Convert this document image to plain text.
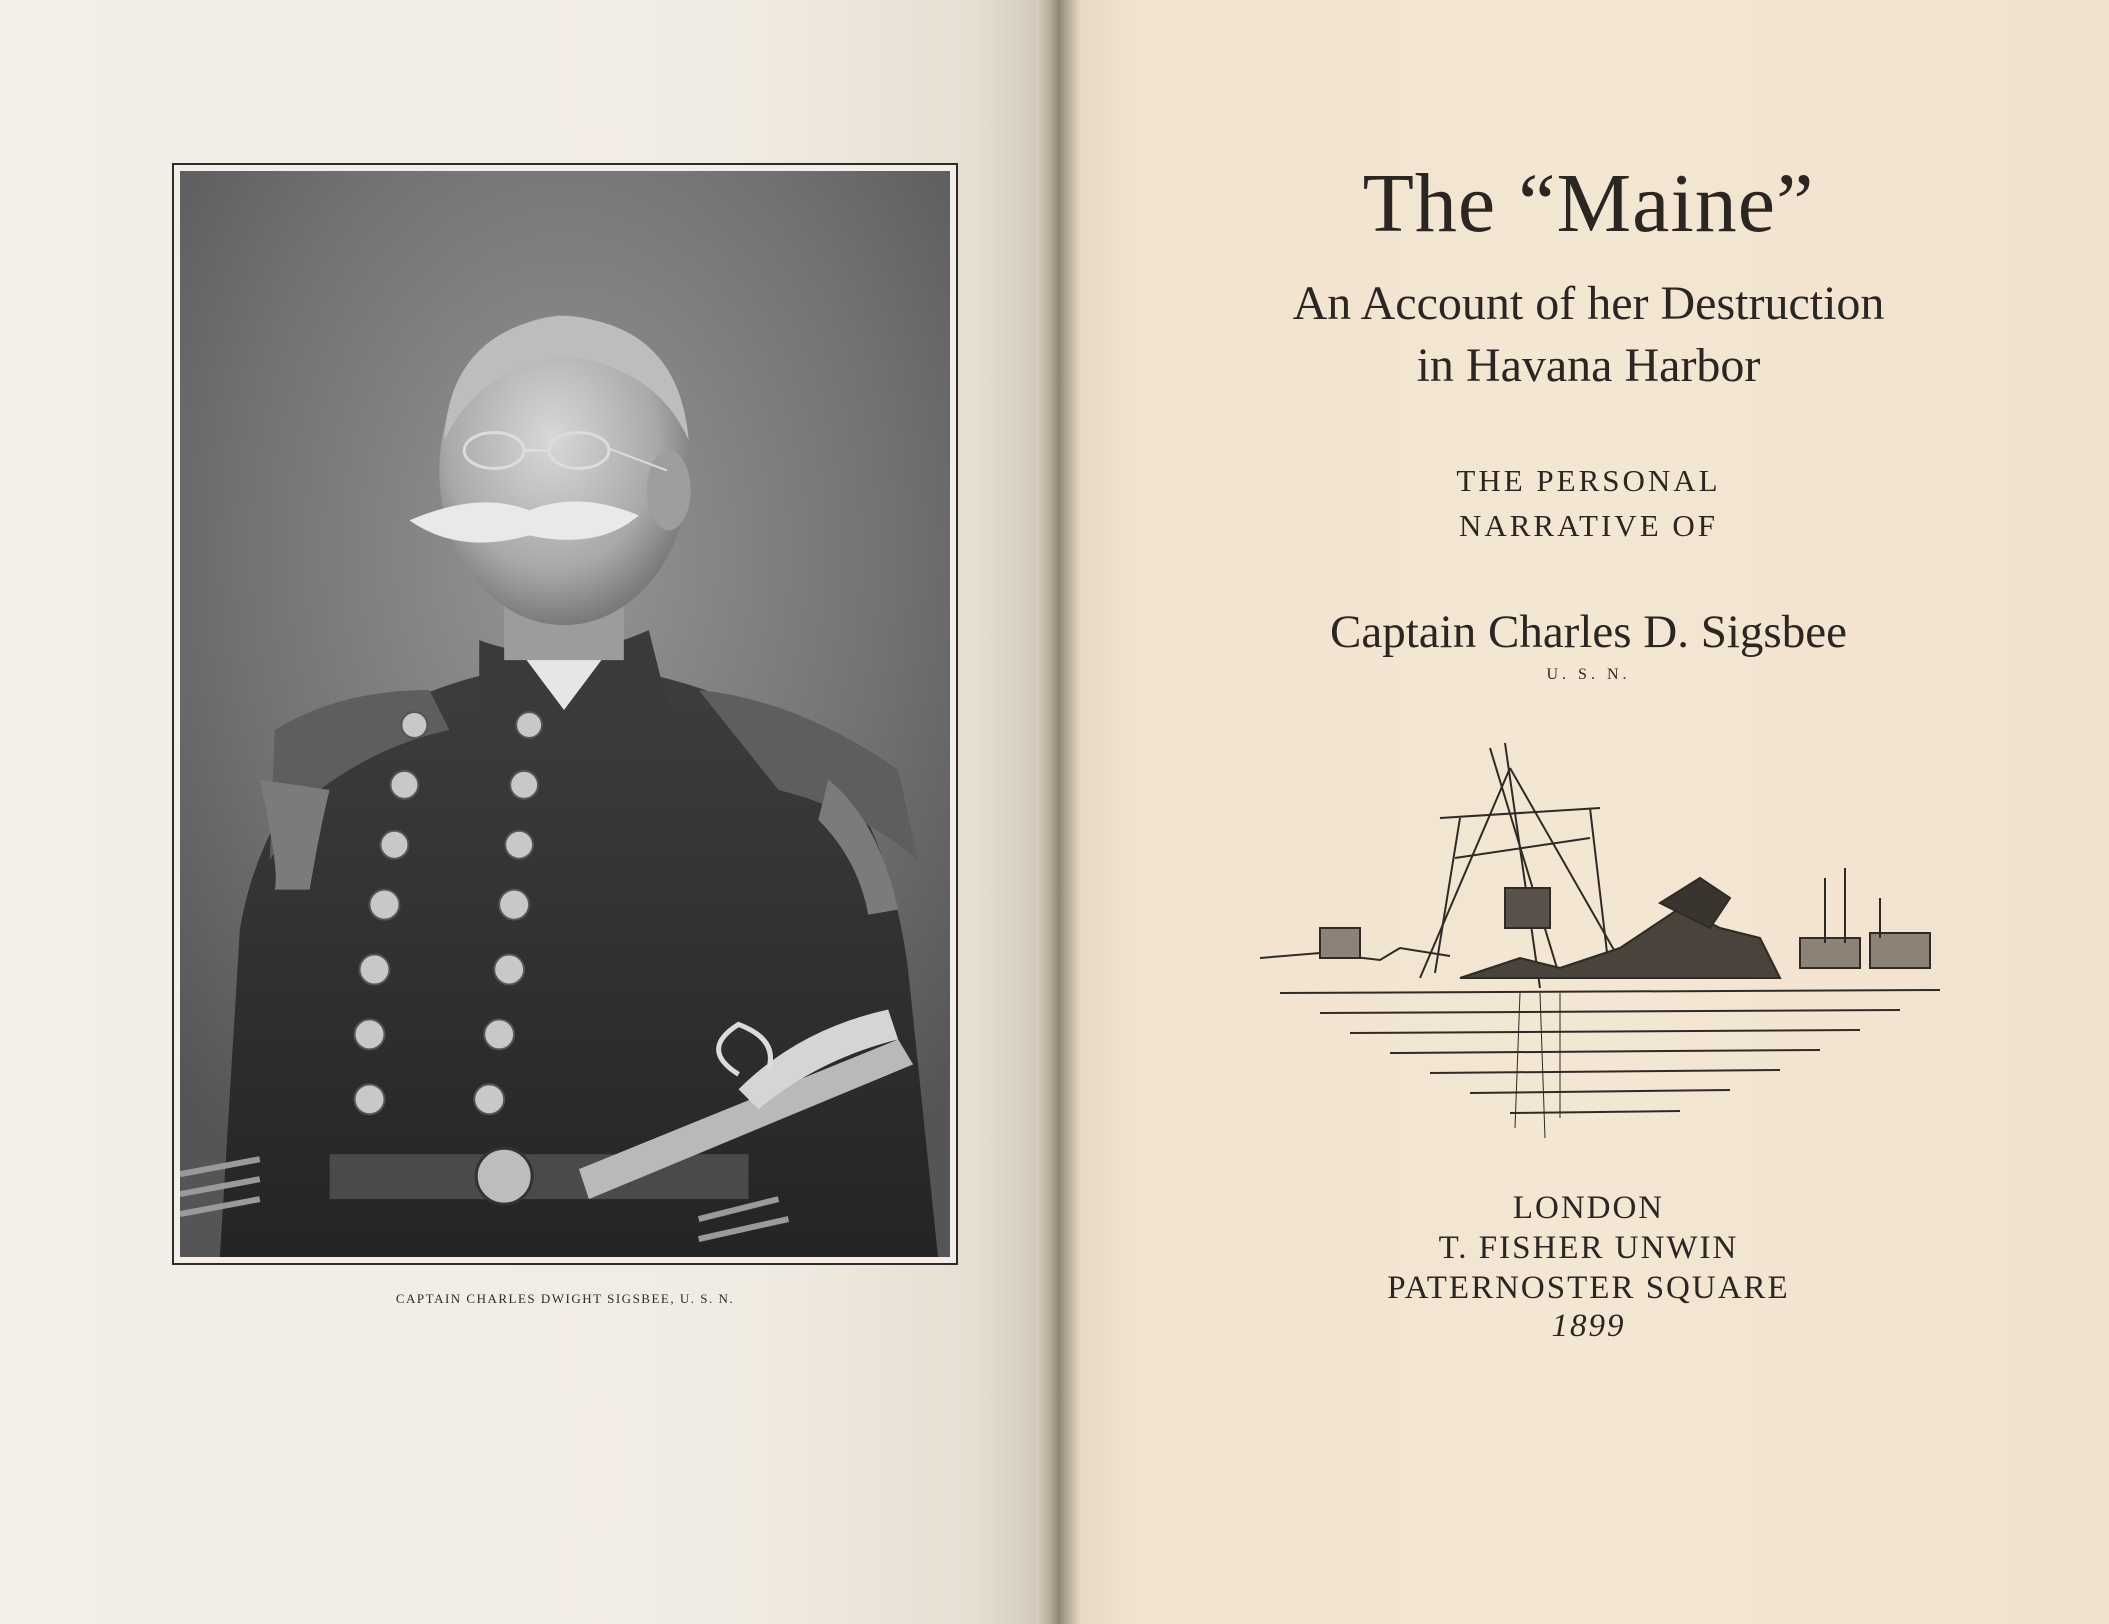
CAPTAIN CHARLES DWIGHT SIGSBEE, U. S. N.
The “Maine”
An Account of her Destruction
in Havana Harbor
THE PERSONAL
NARRATIVE OF
Captain Charles D. Sigsbee
U. S. N.
LONDON
T. FISHER UNWIN
PATERNOSTER SQUARE
1899
